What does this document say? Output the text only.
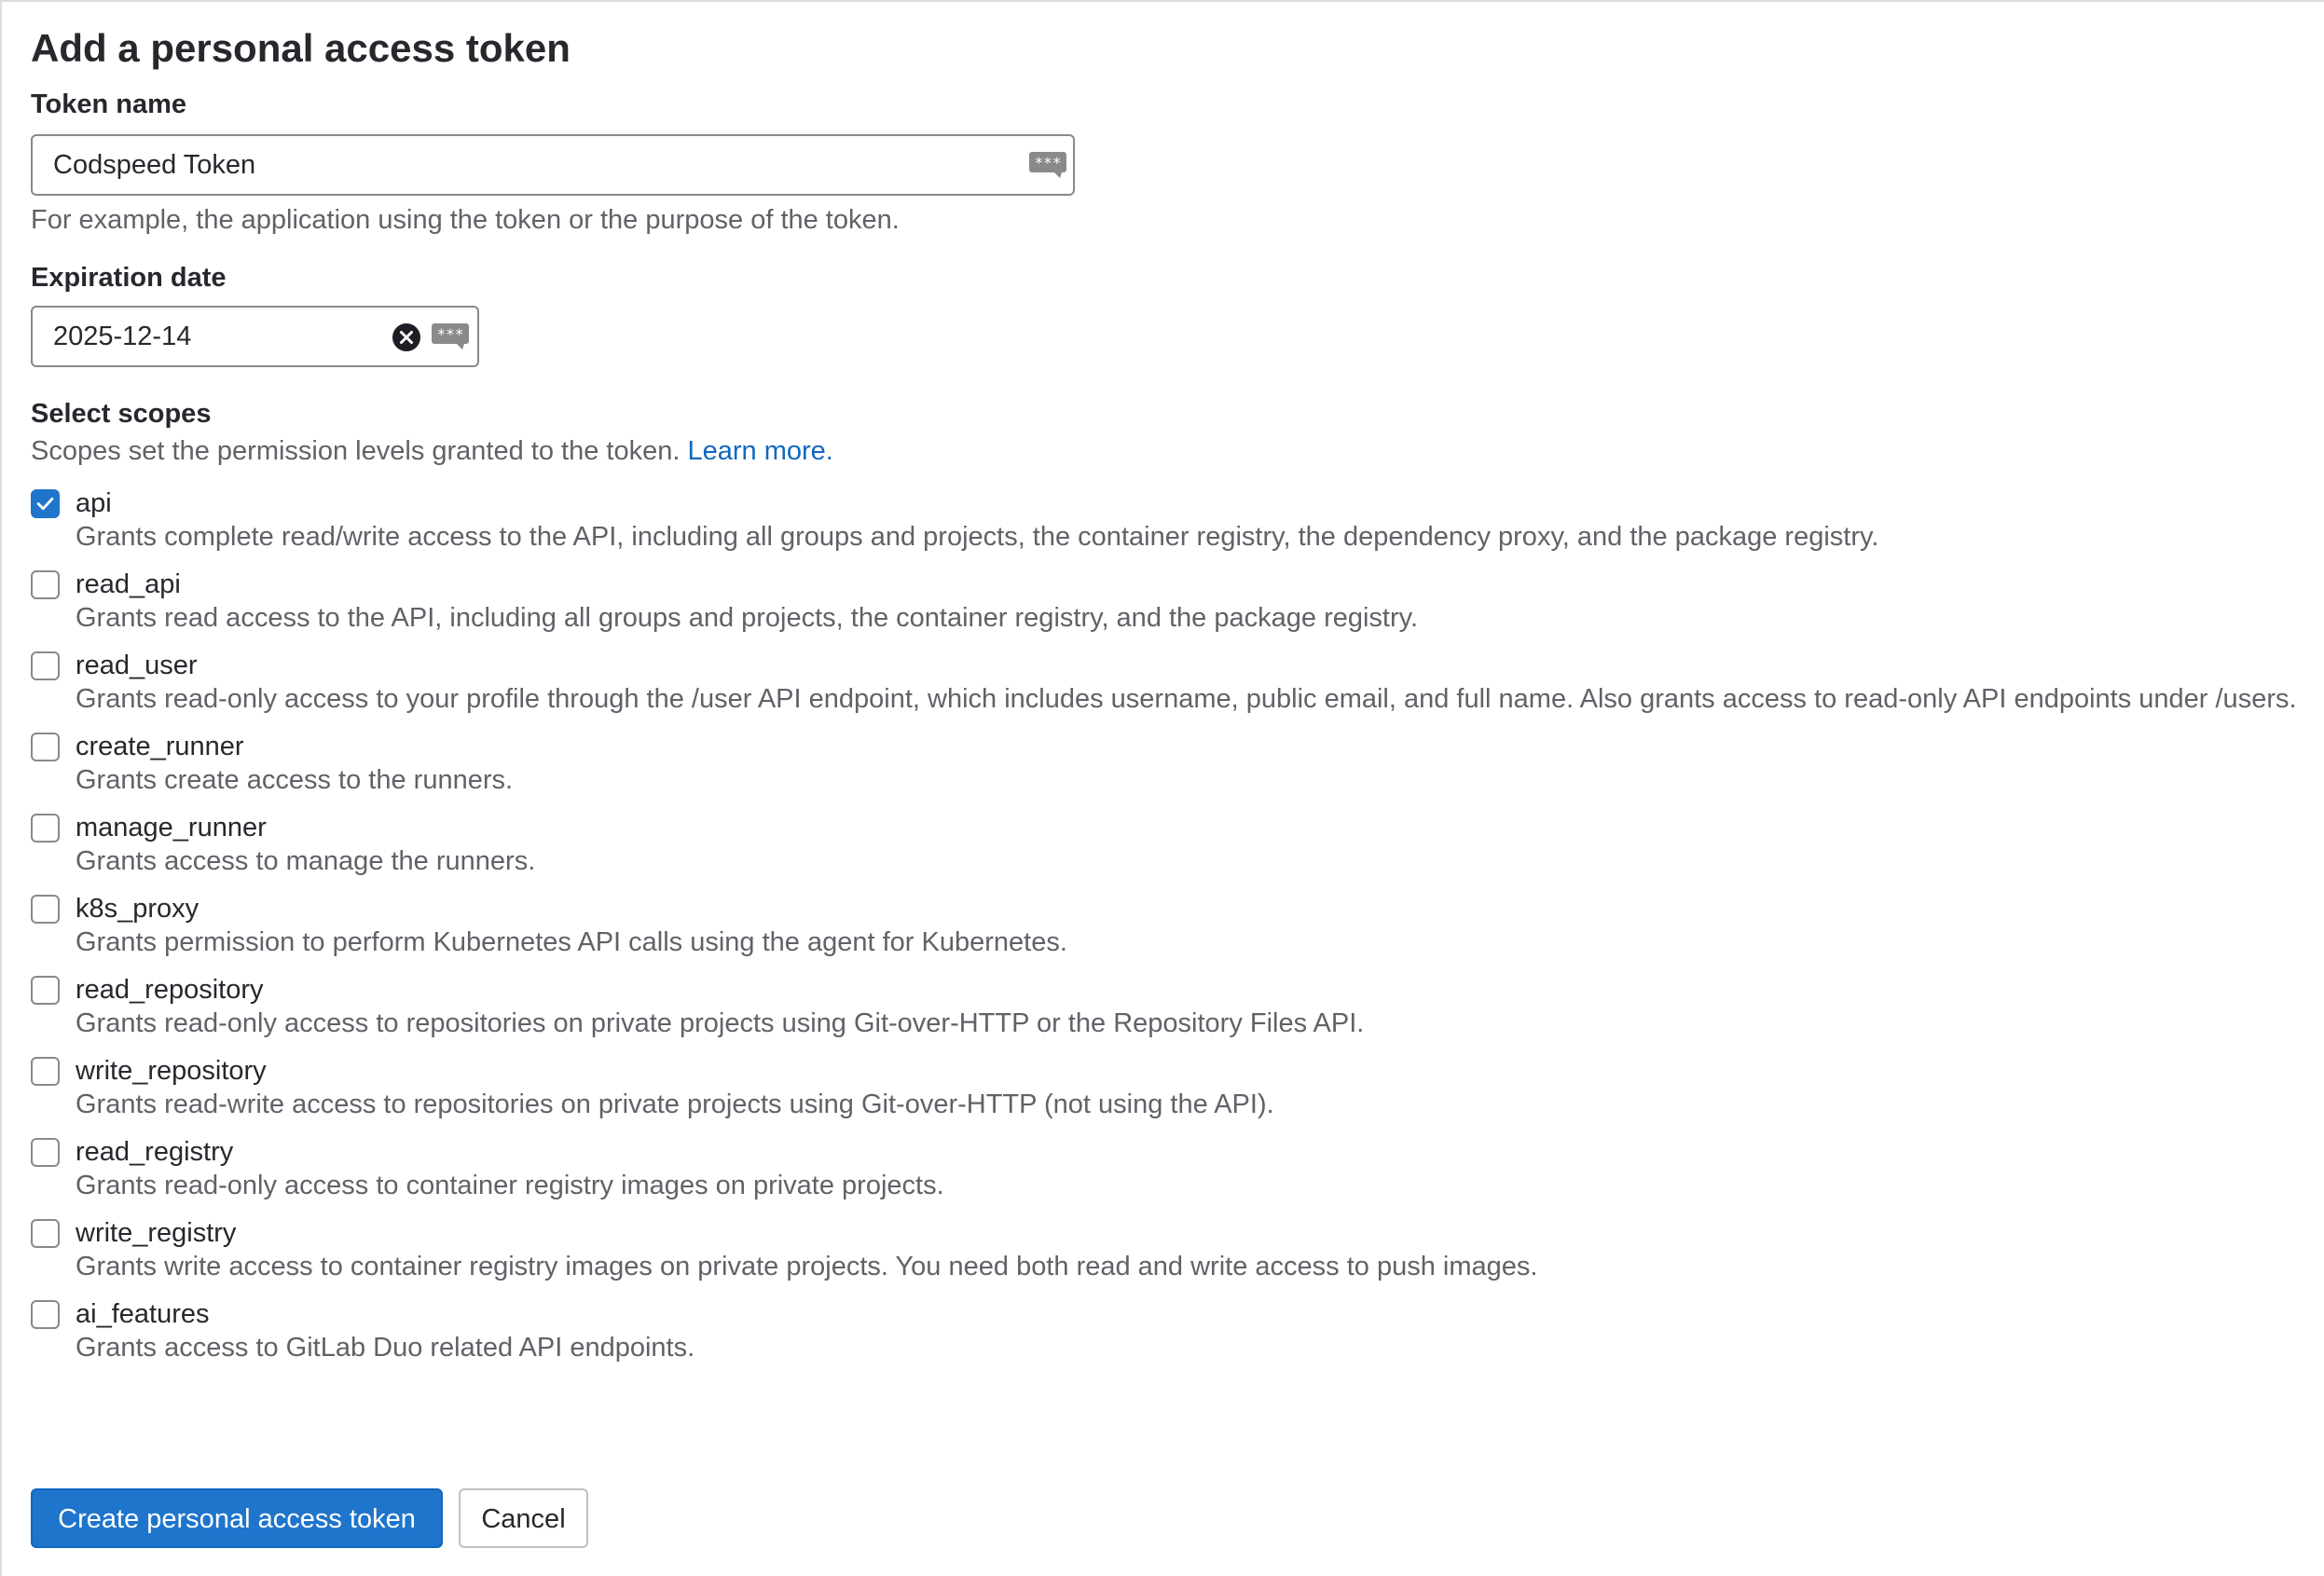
Add a personal access token
Token name
Codspeed Token	***
For example, the application using the token or the purpose of the token.
Expiration date
2025-12-14	***
Select scopes
Scopes set the permission levels granted to the token. Learn more.
api
Grants complete read/write access to the API, including all groups and projects, the container registry, the dependency proxy, and the package registry.
read_api
Grants read access to the API, including all groups and projects, the container registry, and the package registry.
read_user
Grants read-only access to your profile through the /user API endpoint, which includes username, public email, and full name. Also grants access to read-only API endpoints under /users.
create_runner
Grants create access to the runners.
manage_runner
Grants access to manage the runners.
k8s_proxy
Grants permission to perform Kubernetes API calls using the agent for Kubernetes.
read_repository
Grants read-only access to repositories on private projects using Git-over-HTTP or the Repository Files API.
write_repository
Grants read-write access to repositories on private projects using Git-over-HTTP (not using the API).
read_registry
Grants read-only access to container registry images on private projects.
write_registry
Grants write access to container registry images on private projects. You need both read and write access to push images.
ai_features
Grants access to GitLab Duo related API endpoints.
Create personal access token	Cancel
